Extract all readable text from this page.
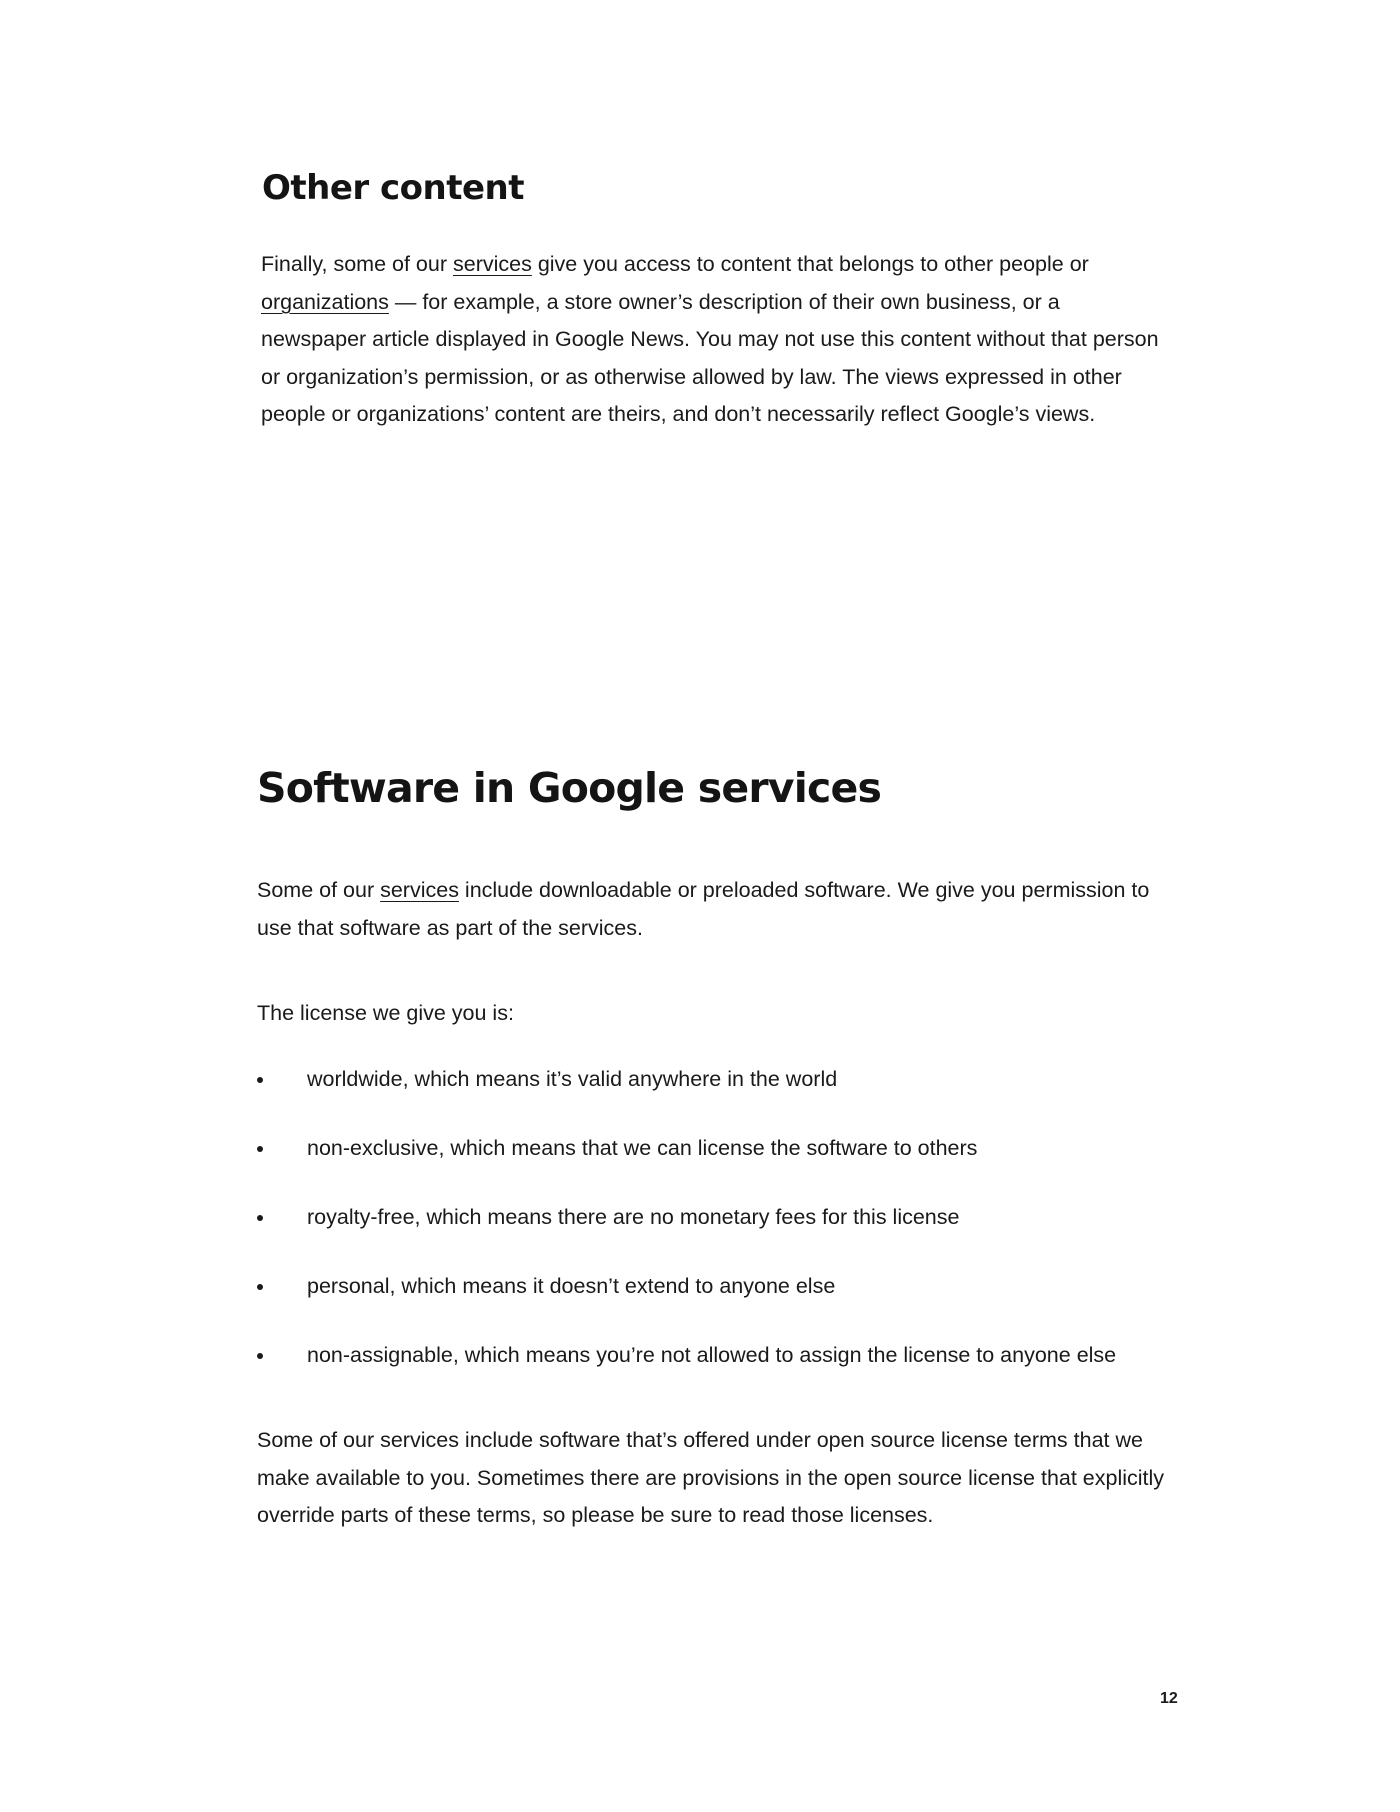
Other content

Finally, some of our services give you access to content that belongs to other people or organizations — for example, a store owner’s description of their own business, or a newspaper article displayed in Google News. You may not use this content without that person or organization’s permission, or as otherwise allowed by law. The views expressed in other people or organizations’ content are theirs, and don’t necessarily reflect Google’s views.

Software in Google services

Some of our services include downloadable or preloaded software. We give you permission to use that software as part of the services.

The license we give you is:

worldwide, which means it’s valid anywhere in the world
non-exclusive, which means that we can license the software to others
royalty-free, which means there are no monetary fees for this license
personal, which means it doesn’t extend to anyone else
non-assignable, which means you’re not allowed to assign the license to anyone else

Some of our services include software that’s offered under open source license terms that we make available to you. Sometimes there are provisions in the open source license that explicitly override parts of these terms, so please be sure to read those licenses.

12
